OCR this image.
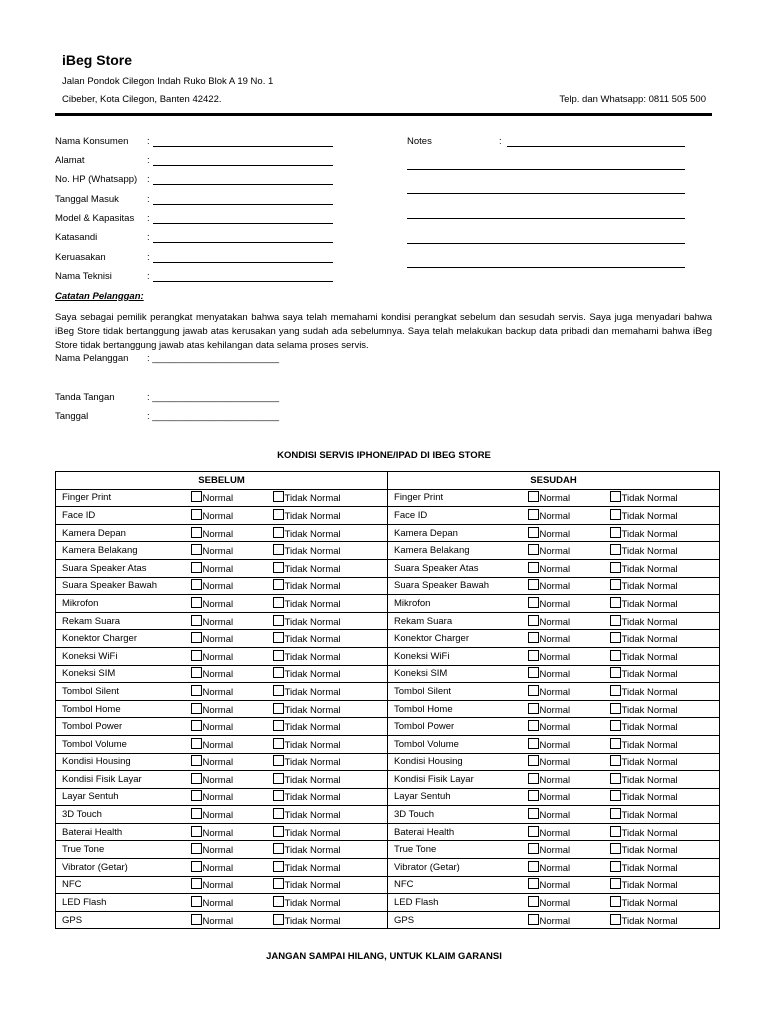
iBeg Store
Jalan Pondok Cilegon Indah Ruko Blok A 19 No. 1
Cibeber, Kota Cilegon, Banten 42422.	Telp. dan Whatsapp: 0811 505 500
Nama Konsumen :
Alamat	:
No. HP (Whatsapp) :
Tanggal Masuk	:
Model & Kapasitas :
Katasandi	:
Keruasakan	:
Nama Teknisi	:
Notes	:
Catatan Pelanggan:
Saya sebagai pemilik perangkat menyatakan bahwa saya telah memahami kondisi perangkat sebelum dan sesudah servis. Saya juga menyadari bahwa iBeg Store tidak bertanggung jawab atas kerusakan yang sudah ada sebelumnya. Saya telah melakukan backup data pribadi dan memahami bahwa iBeg Store tidak bertanggung jawab atas kehilangan data selama proses servis.
Nama Pelanggan : ________________________
Tanda Tangan	: ________________________
Tanggal	: ________________________
KONDISI SERVIS IPHONE/IPAD DI IBEG STORE
SEBELUM			SESUDAH		
Finger Print	Normal	Tidak Normal	Finger Print	Normal	Tidak Normal
Face ID	Normal	Tidak Normal	Face ID	Normal	Tidak Normal
Kamera Depan	Normal	Tidak Normal	Kamera Depan	Normal	Tidak Normal
Kamera Belakang	Normal	Tidak Normal	Kamera Belakang	Normal	Tidak Normal
Suara Speaker Atas	Normal	Tidak Normal	Suara Speaker Atas	Normal	Tidak Normal
Suara Speaker Bawah	Normal	Tidak Normal	Suara Speaker Bawah	Normal	Tidak Normal
Mikrofon	Normal	Tidak Normal	Mikrofon	Normal	Tidak Normal
Rekam Suara	Normal	Tidak Normal	Rekam Suara	Normal	Tidak Normal
Konektor Charger	Normal	Tidak Normal	Konektor Charger	Normal	Tidak Normal
Koneksi WiFi	Normal	Tidak Normal	Koneksi WiFi	Normal	Tidak Normal
Koneksi SIM	Normal	Tidak Normal	Koneksi SIM	Normal	Tidak Normal
Tombol Silent	Normal	Tidak Normal	Tombol Silent	Normal	Tidak Normal
Tombol Home	Normal	Tidak Normal	Tombol Home	Normal	Tidak Normal
Tombol Power	Normal	Tidak Normal	Tombol Power	Normal	Tidak Normal
Tombol Volume	Normal	Tidak Normal	Tombol Volume	Normal	Tidak Normal
Kondisi Housing	Normal	Tidak Normal	Kondisi Housing	Normal	Tidak Normal
Kondisi Fisik Layar	Normal	Tidak Normal	Kondisi Fisik Layar	Normal	Tidak Normal
Layar Sentuh	Normal	Tidak Normal	Layar Sentuh	Normal	Tidak Normal
3D Touch	Normal	Tidak Normal	3D Touch	Normal	Tidak Normal
Baterai Health	Normal	Tidak Normal	Baterai Health	Normal	Tidak Normal
True Tone	Normal	Tidak Normal	True Tone	Normal	Tidak Normal
Vibrator (Getar)	Normal	Tidak Normal	Vibrator (Getar)	Normal	Tidak Normal
NFC	Normal	Tidak Normal	NFC	Normal	Tidak Normal
LED Flash	Normal	Tidak Normal	LED Flash	Normal	Tidak Normal
GPS	Normal	Tidak Normal	GPS	Normal	Tidak Normal
JANGAN SAMPAI HILANG, UNTUK KLAIM GARANSI
